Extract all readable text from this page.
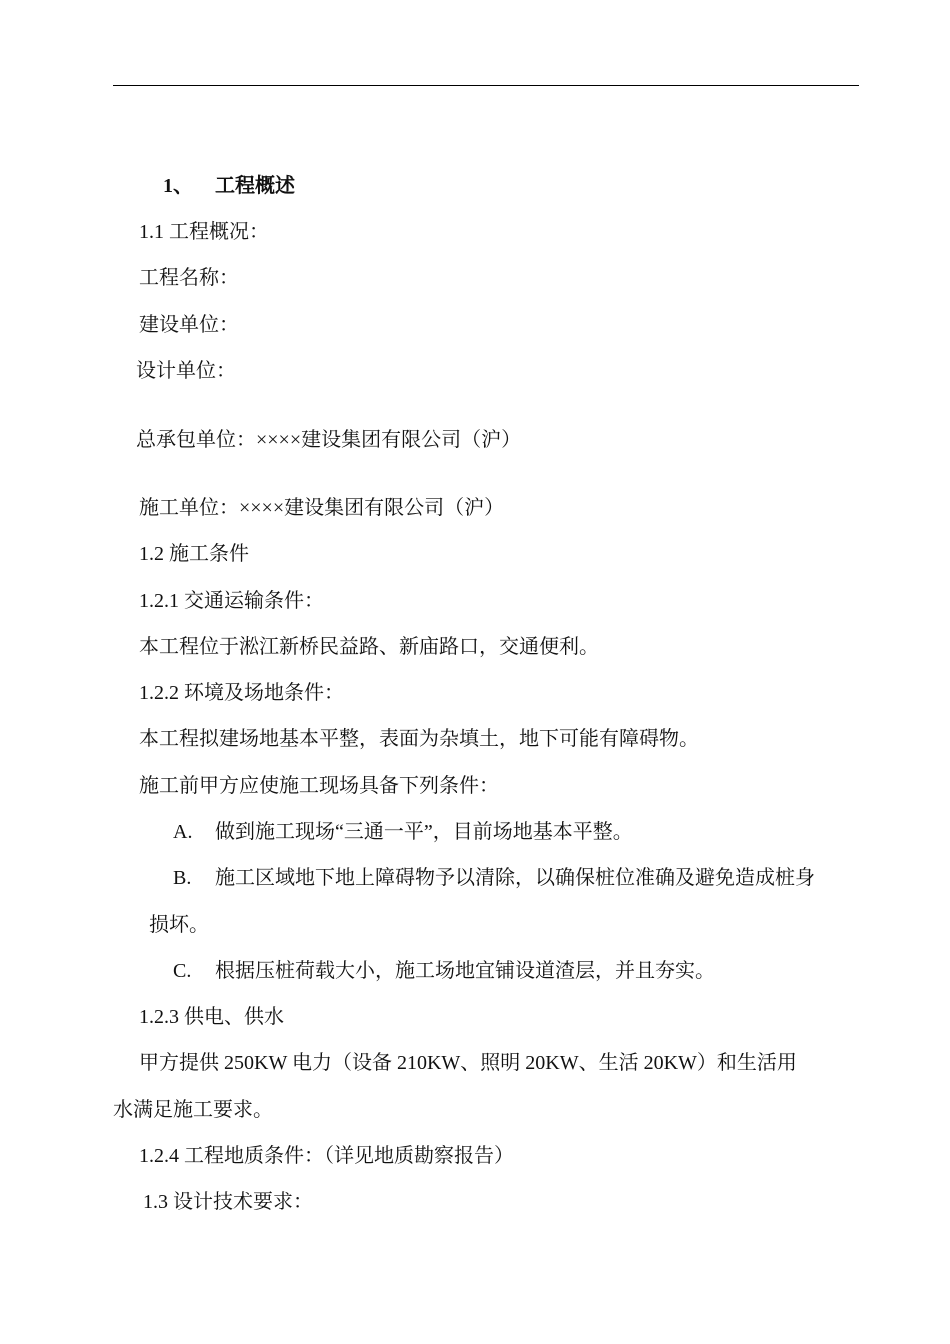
1、 工程概述
1.1 工程概况：
工程名称：
建设单位：
设计单位：
总承包单位：××××建设集团有限公司（沪）
施工单位：××××建设集团有限公司（沪）
1.2 施工条件
1.2.1 交通运输条件：
本工程位于淞江新桥民益路、新庙路口，交通便利。
1.2.2 环境及场地条件：
本工程拟建场地基本平整，表面为杂填土，地下可能有障碍物。
施工前甲方应使施工现场具备下列条件：
A. 做到施工现场“三通一平”，目前场地基本平整。
B. 施工区域地下地上障碍物予以清除，以确保桩位准确及避免造成桩身
损坏。
C. 根据压桩荷载大小，施工场地宜铺设道渣层，并且夯实。
1.2.3 供电、供水
甲方提供 250KW 电力（设备 210KW、照明 20KW、生活 20KW）和生活用
水满足施工要求。
1.2.4 工程地质条件：（详见地质勘察报告）
1.3 设计技术要求：
